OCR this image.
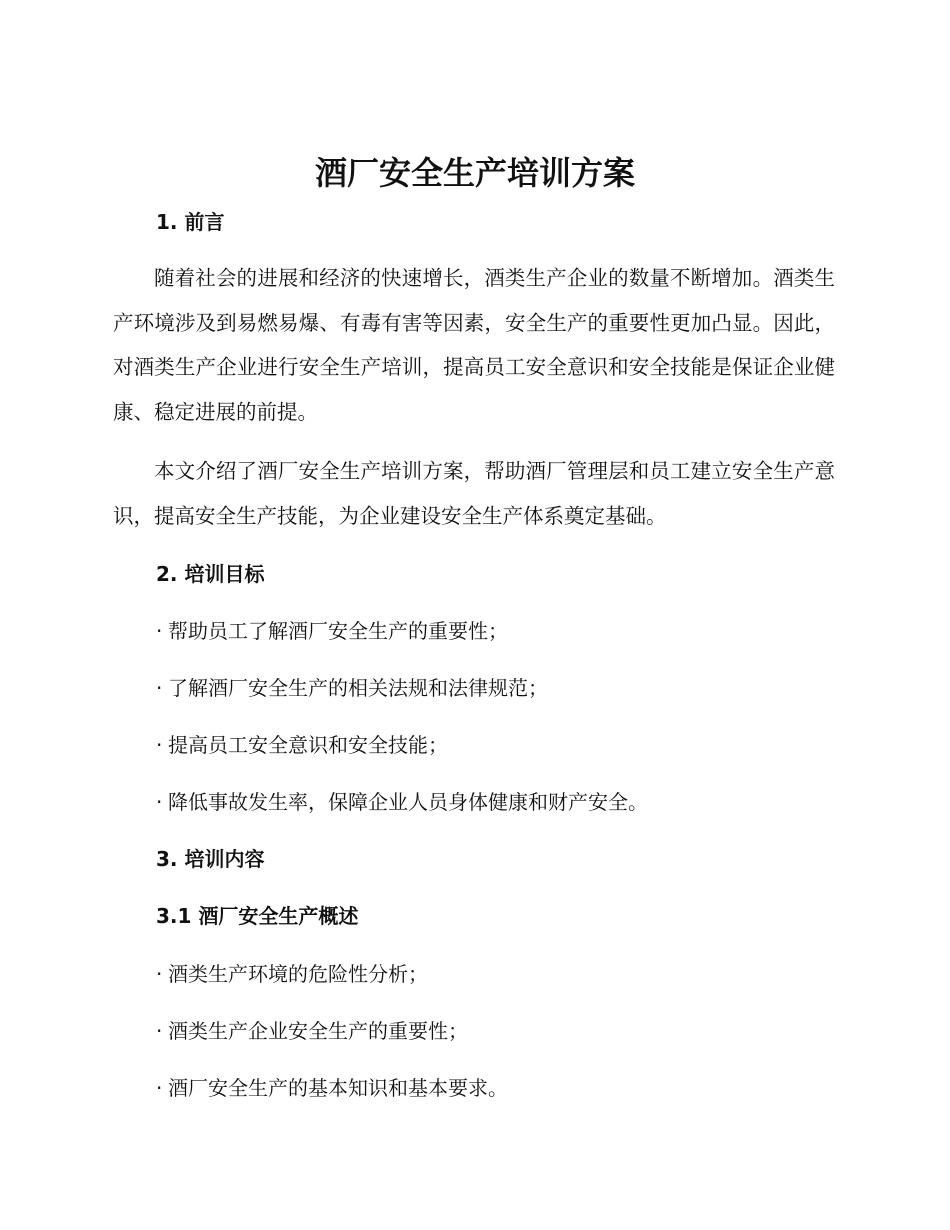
酒厂安全生产培训方案
1. 前言

随着社会的进展和经济的快速增长，酒类生产企业的数量不断增加。酒类生产环境涉及到易燃易爆、有毒有害等因素，安全生产的重要性更加凸显。因此，对酒类生产企业进行安全生产培训，提高员工安全意识和安全技能是保证企业健康、稳定进展的前提。

本文介绍了酒厂安全生产培训方案，帮助酒厂管理层和员工建立安全生产意识，提高安全生产技能，为企业建设安全生产体系奠定基础。

2. 培训目标

· 帮助员工了解酒厂安全生产的重要性；

· 了解酒厂安全生产的相关法规和法律规范；

· 提高员工安全意识和安全技能；

· 降低事故发生率，保障企业人员身体健康和财产安全。

3. 培训内容
3.1 酒厂安全生产概述

· 酒类生产环境的危险性分析；

· 酒类生产企业安全生产的重要性；

· 酒厂安全生产的基本知识和基本要求。
